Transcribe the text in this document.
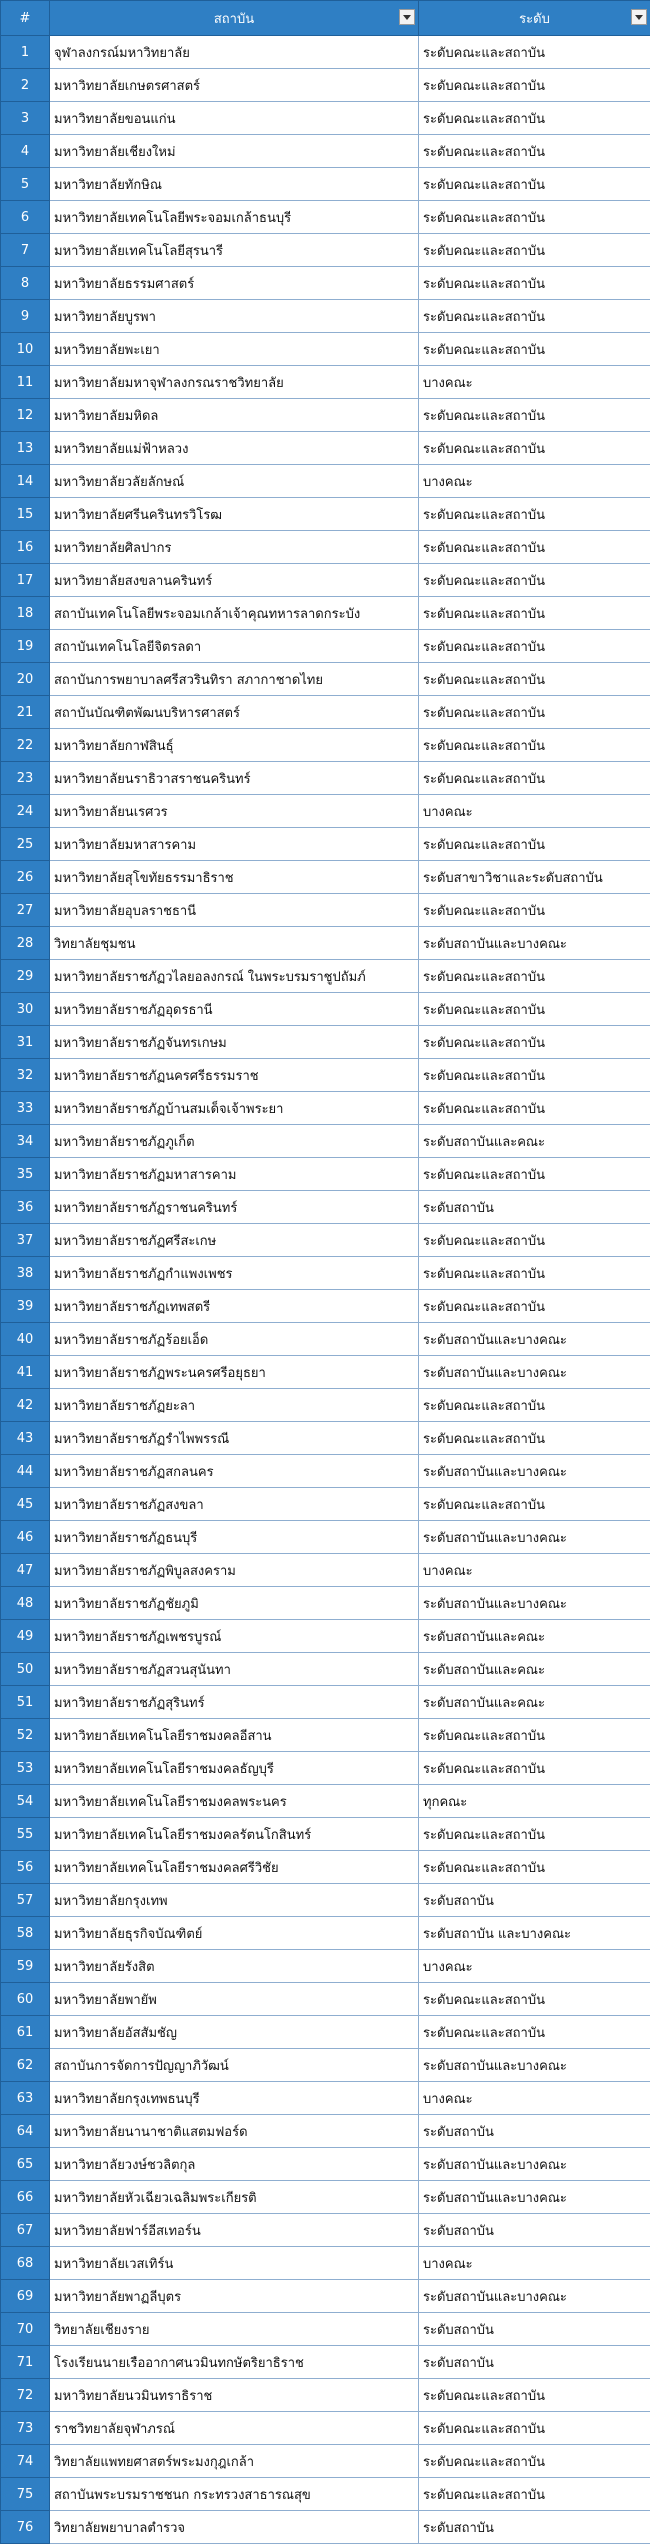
#	สถาบัน	ระดับ

1	จุฬาลงกรณ์มหาวิทยาลัย	ระดับคณะและสถาบัน
2	มหาวิทยาลัยเกษตรศาสตร์	ระดับคณะและสถาบัน
3	มหาวิทยาลัยขอนแก่น	ระดับคณะและสถาบัน
4	มหาวิทยาลัยเชียงใหม่	ระดับคณะและสถาบัน
5	มหาวิทยาลัยทักษิณ	ระดับคณะและสถาบัน
6	มหาวิทยาลัยเทคโนโลยีพระจอมเกล้าธนบุรี	ระดับคณะและสถาบัน
7	มหาวิทยาลัยเทคโนโลยีสุรนารี	ระดับคณะและสถาบัน
8	มหาวิทยาลัยธรรมศาสตร์	ระดับคณะและสถาบัน
9	มหาวิทยาลัยบูรพา	ระดับคณะและสถาบัน
10	มหาวิทยาลัยพะเยา	ระดับคณะและสถาบัน
11	มหาวิทยาลัยมหาจุฬาลงกรณราชวิทยาลัย	บางคณะ
12	มหาวิทยาลัยมหิดล	ระดับคณะและสถาบัน
13	มหาวิทยาลัยแม่ฟ้าหลวง	ระดับคณะและสถาบัน
14	มหาวิทยาลัยวลัยลักษณ์	บางคณะ
15	มหาวิทยาลัยศรีนครินทรวิโรฒ	ระดับคณะและสถาบัน
16	มหาวิทยาลัยศิลปากร	ระดับคณะและสถาบัน
17	มหาวิทยาลัยสงขลานครินทร์	ระดับคณะและสถาบัน
18	สถาบันเทคโนโลยีพระจอมเกล้าเจ้าคุณทหารลาดกระบัง	ระดับคณะและสถาบัน
19	สถาบันเทคโนโลยีจิตรลดา	ระดับคณะและสถาบัน
20	สถาบันการพยาบาลศรีสวรินทิรา สภากาชาดไทย	ระดับคณะและสถาบัน
21	สถาบันบัณฑิตพัฒนบริหารศาสตร์	ระดับคณะและสถาบัน
22	มหาวิทยาลัยกาฬสินธุ์	ระดับคณะและสถาบัน
23	มหาวิทยาลัยนราธิวาสราชนครินทร์	ระดับคณะและสถาบัน
24	มหาวิทยาลัยนเรศวร	บางคณะ
25	มหาวิทยาลัยมหาสารคาม	ระดับคณะและสถาบัน
26	มหาวิทยาลัยสุโขทัยธรรมาธิราช	ระดับสาขาวิชาและระดับสถาบัน
27	มหาวิทยาลัยอุบลราชธานี	ระดับคณะและสถาบัน
28	วิทยาลัยชุมชน	ระดับสถาบันและบางคณะ
29	มหาวิทยาลัยราชภัฏวไลยอลงกรณ์ ในพระบรมราชูปถัมภ์	ระดับคณะและสถาบัน
30	มหาวิทยาลัยราชภัฏอุดรธานี	ระดับคณะและสถาบัน
31	มหาวิทยาลัยราชภัฏจันทรเกษม	ระดับคณะและสถาบัน
32	มหาวิทยาลัยราชภัฏนครศรีธรรมราช	ระดับคณะและสถาบัน
33	มหาวิทยาลัยราชภัฏบ้านสมเด็จเจ้าพระยา	ระดับคณะและสถาบัน
34	มหาวิทยาลัยราชภัฏภูเก็ต	ระดับสถาบันและคณะ
35	มหาวิทยาลัยราชภัฏมหาสารคาม	ระดับคณะและสถาบัน
36	มหาวิทยาลัยราชภัฏราชนครินทร์	ระดับสถาบัน
37	มหาวิทยาลัยราชภัฏศรีสะเกษ	ระดับคณะและสถาบัน
38	มหาวิทยาลัยราชภัฏกำแพงเพชร	ระดับคณะและสถาบัน
39	มหาวิทยาลัยราชภัฏเทพสตรี	ระดับคณะและสถาบัน
40	มหาวิทยาลัยราชภัฏร้อยเอ็ด	ระดับสถาบันและบางคณะ
41	มหาวิทยาลัยราชภัฏพระนครศรีอยุธยา	ระดับสถาบันและบางคณะ
42	มหาวิทยาลัยราชภัฏยะลา	ระดับคณะและสถาบัน
43	มหาวิทยาลัยราชภัฏรำไพพรรณี	ระดับคณะและสถาบัน
44	มหาวิทยาลัยราชภัฏสกลนคร	ระดับสถาบันและบางคณะ
45	มหาวิทยาลัยราชภัฏสงขลา	ระดับคณะและสถาบัน
46	มหาวิทยาลัยราชภัฏธนบุรี	ระดับสถาบันและบางคณะ
47	มหาวิทยาลัยราชภัฏพิบูลสงคราม	บางคณะ
48	มหาวิทยาลัยราชภัฏชัยภูมิ	ระดับสถาบันและบางคณะ
49	มหาวิทยาลัยราชภัฏเพชรบูรณ์	ระดับสถาบันและคณะ
50	มหาวิทยาลัยราชภัฏสวนสุนันทา	ระดับสถาบันและคณะ
51	มหาวิทยาลัยราชภัฏสุรินทร์	ระดับสถาบันและคณะ
52	มหาวิทยาลัยเทคโนโลยีราชมงคลอีสาน	ระดับคณะและสถาบัน
53	มหาวิทยาลัยเทคโนโลยีราชมงคลธัญบุรี	ระดับคณะและสถาบัน
54	มหาวิทยาลัยเทคโนโลยีราชมงคลพระนคร	ทุกคณะ
55	มหาวิทยาลัยเทคโนโลยีราชมงคลรัตนโกสินทร์	ระดับคณะและสถาบัน
56	มหาวิทยาลัยเทคโนโลยีราชมงคลศรีวิชัย	ระดับคณะและสถาบัน
57	มหาวิทยาลัยกรุงเทพ	ระดับสถาบัน
58	มหาวิทยาลัยธุรกิจบัณฑิตย์	ระดับสถาบัน และบางคณะ
59	มหาวิทยาลัยรังสิต	บางคณะ
60	มหาวิทยาลัยพายัพ	ระดับคณะและสถาบัน
61	มหาวิทยาลัยอัสสัมชัญ	ระดับคณะและสถาบัน
62	สถาบันการจัดการปัญญาภิวัฒน์	ระดับสถาบันและบางคณะ
63	มหาวิทยาลัยกรุงเทพธนบุรี	บางคณะ
64	มหาวิทยาลัยนานาชาติแสตมฟอร์ด	ระดับสถาบัน
65	มหาวิทยาลัยวงษ์ชวลิตกุล	ระดับสถาบันและบางคณะ
66	มหาวิทยาลัยหัวเฉียวเฉลิมพระเกียรติ	ระดับสถาบันและบางคณะ
67	มหาวิทยาลัยฟาร์อีสเทอร์น	ระดับสถาบัน
68	มหาวิทยาลัยเวสเทิร์น	บางคณะ
69	มหาวิทยาลัยพาฏลีบุตร	ระดับสถาบันและบางคณะ
70	วิทยาลัยเชียงราย	ระดับสถาบัน
71	โรงเรียนนายเรืออากาศนวมินทกษัตริยาธิราช	ระดับสถาบัน
72	มหาวิทยาลัยนวมินทราธิราช	ระดับคณะและสถาบัน
73	ราชวิทยาลัยจุฬาภรณ์	ระดับคณะและสถาบัน
74	วิทยาลัยแพทยศาสตร์พระมงกุฎเกล้า	ระดับคณะและสถาบัน
75	สถาบันพระบรมราชชนก กระทรวงสาธารณสุข	ระดับคณะและสถาบัน
76	วิทยาลัยพยาบาลตำรวจ	ระดับสถาบัน
